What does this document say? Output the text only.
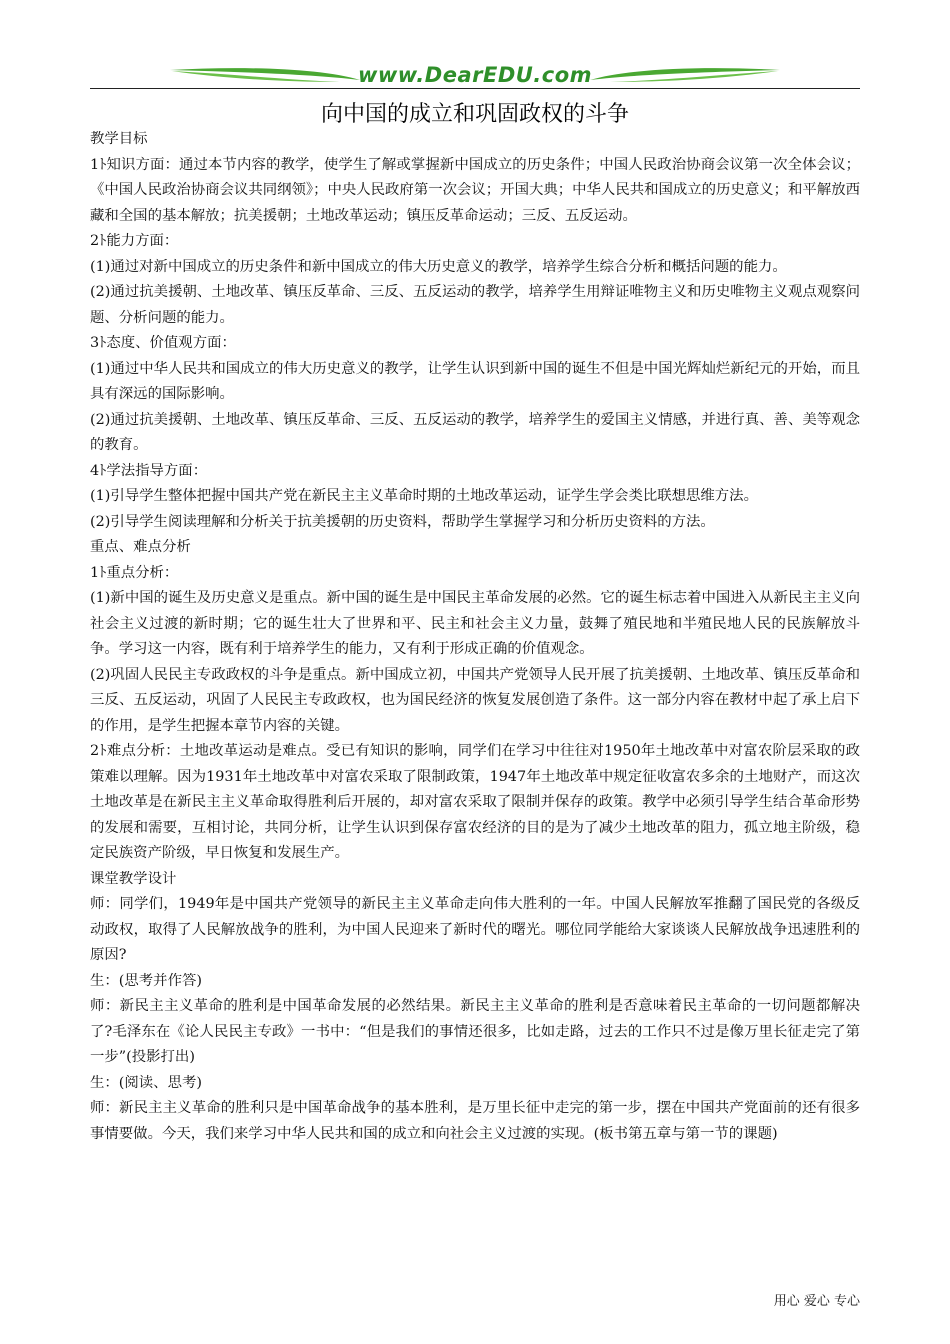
www.DearEDU.com
向中国的成立和巩固政权的斗争

教学目标

1ﾄ知识方面：通过本节内容的教学，使学生了解或掌握新中国成立的历史条件；中国人民政治协商会议第一次全体会议；《中国人民政治协商会议共同纲领》；中央人民政府第一次会议；开国大典；中华人民共和国成立的历史意义；和平解放西藏和全国的基本解放；抗美援朝；土地改革运动；镇压反革命运动；三反、五反运动。

2ﾄ能力方面：

(1)通过对新中国成立的历史条件和新中国成立的伟大历史意义的教学，培养学生综合分析和概括问题的能力。

(2)通过抗美援朝、土地改革、镇压反革命、三反、五反运动的教学，培养学生用辩证唯物主义和历史唯物主义观点观察问题、分析问题的能力。

3ﾄ态度、价值观方面：

(1)通过中华人民共和国成立的伟大历史意义的教学，让学生认识到新中国的诞生不但是中国光辉灿烂新纪元的开始，而且具有深远的国际影响。

(2)通过抗美援朝、土地改革、镇压反革命、三反、五反运动的教学，培养学生的爱国主义情感，并进行真、善、美等观念的教育。

4ﾄ学法指导方面：

(1)引导学生整体把握中国共产党在新民主主义革命时期的土地改革运动，证学生学会类比联想思维方法。

(2)引导学生阅读理解和分析关于抗美援朝的历史资料，帮助学生掌握学习和分析历史资料的方法。

重点、难点分析

1ﾄ重点分析：

(1)新中国的诞生及历史意义是重点。新中国的诞生是中国民主革命发展的必然。它的诞生标志着中国进入从新民主主义向社会主义过渡的新时期；它的诞生壮大了世界和平、民主和社会主义力量，鼓舞了殖民地和半殖民地人民的民族解放斗争。学习这一内容，既有利于培养学生的能力，又有利于形成正确的价值观念。

(2)巩固人民民主专政政权的斗争是重点。新中国成立初，中国共产党领导人民开展了抗美援朝、土地改革、镇压反革命和三反、五反运动，巩固了人民民主专政政权，也为国民经济的恢复发展创造了条件。这一部分内容在教材中起了承上启下的作用，是学生把握本章节内容的关键。

2ﾄ难点分析：土地改革运动是难点。受已有知识的影响，同学们在学习中往往对1950年土地改革中对富农阶层采取的政策难以理解。因为1931年土地改革中对富农采取了限制政策，1947年土地改革中规定征收富农多余的土地财产，而这次土地改革是在新民主主义革命取得胜利后开展的，却对富农采取了限制并保存的政策。教学中必须引导学生结合革命形势的发展和需要，互相讨论，共同分析，让学生认识到保存富农经济的目的是为了减少土地改革的阻力，孤立地主阶级，稳定民族资产阶级，早日恢复和发展生产。

课堂教学设计

师：同学们，1949年是中国共产党领导的新民主主义革命走向伟大胜利的一年。中国人民解放军推翻了国民党的各级反动政权，取得了人民解放战争的胜利，为中国人民迎来了新时代的曙光。哪位同学能给大家谈谈人民解放战争迅速胜利的原因?

生：(思考并作答)

师：新民主主义革命的胜利是中国革命发展的必然结果。新民主主义革命的胜利是否意味着民主革命的一切问题都解决了?毛泽东在《论人民民主专政》一书中：“但是我们的事情还很多，比如走路，过去的工作只不过是像万里长征走完了第一步”(投影打出)

生：(阅读、思考)

师：新民主主义革命的胜利只是中国革命战争的基本胜利，是万里长征中走完的第一步，摆在中国共产党面前的还有很多事情要做。今天，我们来学习中华人民共和国的成立和向社会主义过渡的实现。(板书第五章与第一节的课题)

用心 爱心 专心
